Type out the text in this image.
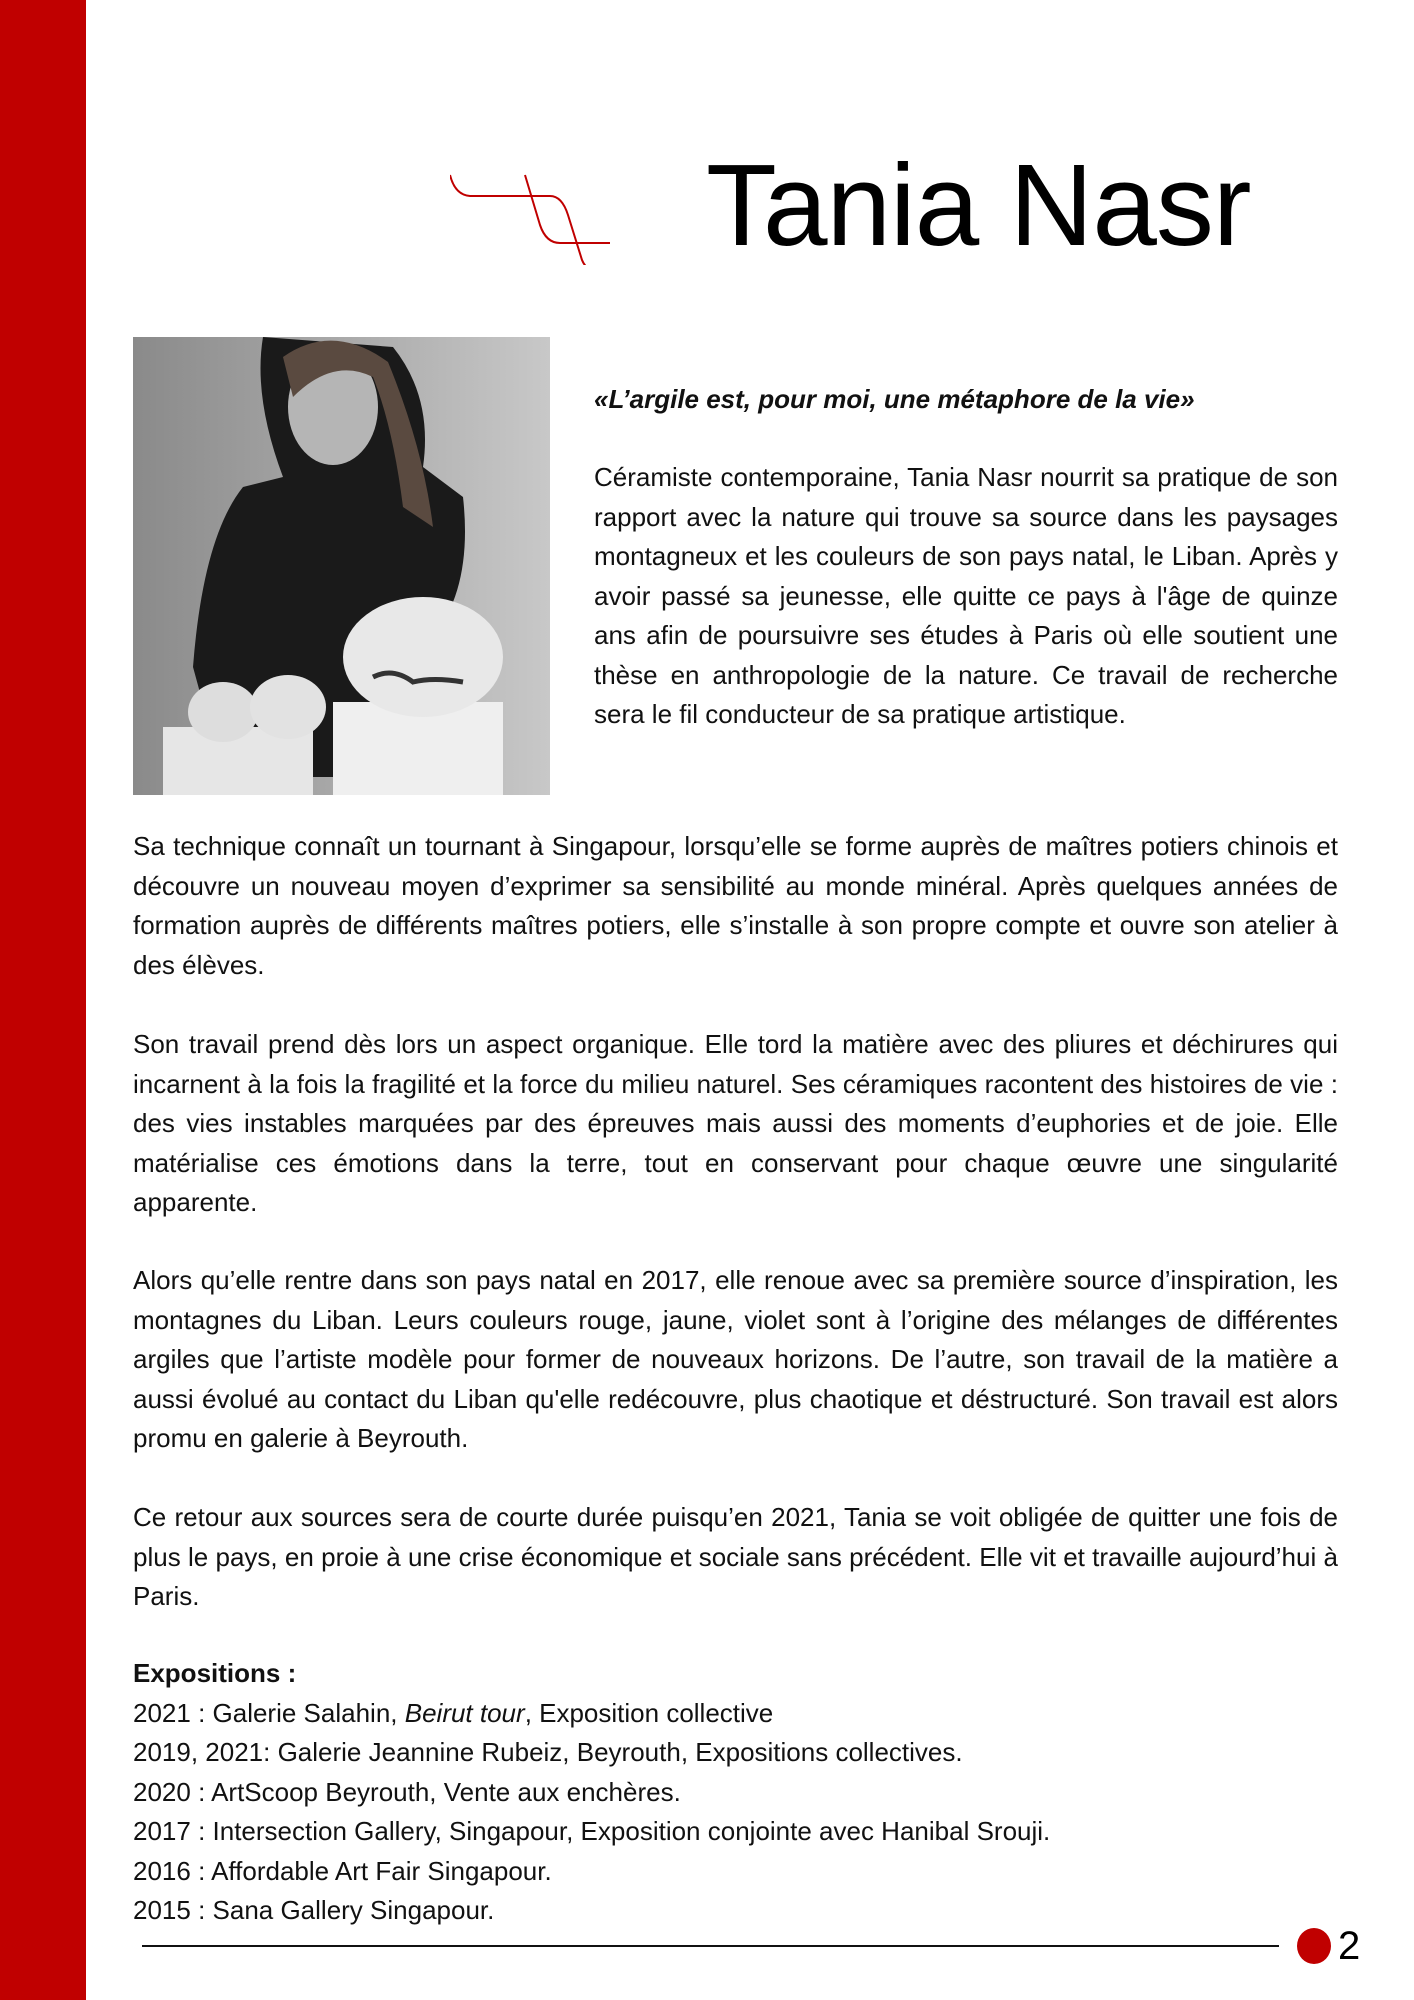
Tania Nasr

«L’argile est, pour moi, une métaphore de la vie»

Céramiste contemporaine, Tania Nasr nourrit sa pratique de son rapport avec la nature qui trouve sa source dans les paysages montagneux et les couleurs de son pays natal, le Liban. Après y avoir passé sa jeunesse, elle quitte ce pays à l'âge de quinze ans afin de poursuivre ses études à Paris où elle soutient une thèse en anthropologie de la nature. Ce travail de recherche sera le fil conducteur de sa pratique artistique.

Sa technique connaît un tournant à Singapour, lorsqu’elle se forme auprès de maîtres potiers chinois et découvre un nouveau moyen d’exprimer sa sensibilité au monde minéral. Après quelques années de formation auprès de différents maîtres potiers, elle s’installe à son propre compte et ouvre son atelier à des élèves.

Son travail prend dès lors un aspect organique. Elle tord la matière avec des pliures et déchirures qui incarnent à la fois la fragilité et la force du milieu naturel. Ses céramiques racontent des histoires de vie : des vies instables marquées par des épreuves mais aussi des moments d’euphories et de joie. Elle matérialise ces émotions dans la terre, tout en conservant pour chaque œuvre une singularité apparente.

Alors qu’elle rentre dans son pays natal en 2017, elle renoue avec sa première source d’inspiration, les montagnes du Liban. Leurs couleurs rouge, jaune, violet sont à l’origine des mélanges de différentes argiles que l’artiste modèle pour former de nouveaux horizons. De l’autre, son travail de la matière a aussi évolué au contact du Liban qu'elle redécouvre, plus chaotique et déstructuré. Son travail est alors promu en galerie à Beyrouth.

Ce retour aux sources sera de courte durée puisqu’en 2021, Tania se voit obligée de quitter une fois de plus le pays, en proie à une crise économique et sociale sans précédent. Elle vit et travaille aujourd’hui à Paris.

Expositions :
2021 : Galerie Salahin, Beirut tour, Exposition collective
2019, 2021: Galerie Jeannine Rubeiz, Beyrouth, Expositions collectives.
2020 : ArtScoop Beyrouth, Vente aux enchères.
2017 : Intersection Gallery, Singapour, Exposition conjointe avec Hanibal Srouji.
2016 : Affordable Art Fair Singapour.
2015 : Sana Gallery Singapour.
2
